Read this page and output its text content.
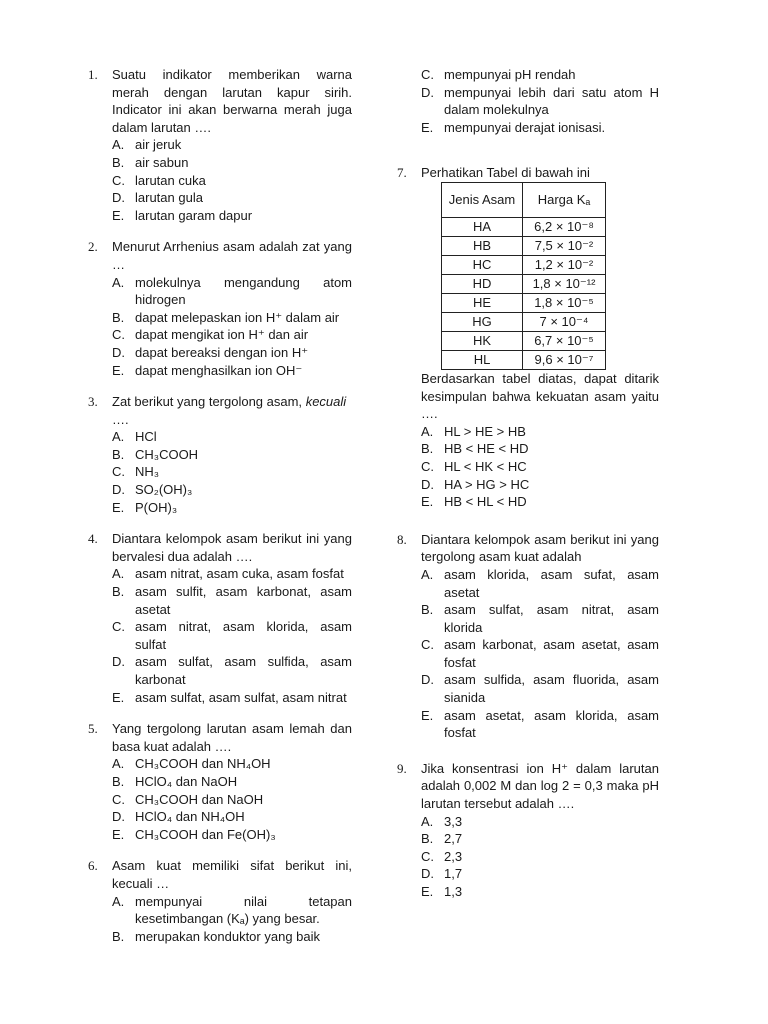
1. Suatu indikator memberikan warna merah dengan larutan kapur sirih. Indicator ini akan berwarna merah juga dalam larutan ….
A. air jeruk
B. air sabun
C. larutan cuka
D. larutan gula
E. larutan garam dapur
2. Menurut Arrhenius asam adalah zat yang …
A. molekulnya mengandung atom hidrogen
B. dapat melepaskan ion H⁺ dalam air
C. dapat mengikat ion H⁺ dan air
D. dapat bereaksi dengan ion H⁺
E. dapat menghasilkan ion OH⁻
3. Zat berikut yang tergolong asam, kecuali
….
A. HCl
B. CH₃COOH
C. NH₃
D. SO₂(OH)₃
E. P(OH)₃
4. Diantara kelompok asam berikut ini yang bervalesi dua adalah ….
A. asam nitrat, asam cuka, asam fosfat
B. asam sulfit, asam karbonat, asam asetat
C. asam nitrat, asam klorida, asam sulfat
D. asam sulfat, asam sulfida, asam karbonat
E. asam sulfat, asam sulfat, asam nitrat
5. Yang tergolong larutan asam lemah dan basa kuat adalah ….
A. CH₃COOH dan NH₄OH
B. HClO₄ dan NaOH
C. CH₃COOH dan NaOH
D. HClO₄ dan NH₄OH
E. CH₃COOH dan Fe(OH)₃
6. Asam kuat memiliki sifat berikut ini, kecuali …
A. mempunyai nilai tetapan kesetimbangan (Kₐ) yang besar.
B. merupakan konduktor yang baik
C. mempunyai pH rendah
D. mempunyai lebih dari satu atom H dalam molekulnya
E. mempunyai derajat ionisasi.
7. Perhatikan Tabel di bawah ini
Jenis Asam	Harga Kₐ
HA	6,2 × 10⁻⁸
HB	7,5 × 10⁻²
HC	1,2 × 10⁻²
HD	1,8 × 10⁻¹²
HE	1,8 × 10⁻⁵
HG	7 × 10⁻⁴
HK	6,7 × 10⁻⁵
HL	9,6 × 10⁻⁷
Berdasarkan tabel diatas, dapat ditarik kesimpulan bahwa kekuatan asam yaitu ….
A. HL > HE > HB
B. HB < HE < HD
C. HL < HK < HC
D. HA > HG > HC
E. HB < HL < HD
8. Diantara kelompok asam berikut ini yang tergolong asam kuat adalah
A. asam klorida, asam sufat, asam asetat
B. asam sulfat, asam nitrat, asam klorida
C. asam karbonat, asam asetat, asam fosfat
D. asam sulfida, asam fluorida, asam sianida
E. asam asetat, asam klorida, asam fosfat
9. Jika konsentrasi ion H⁺ dalam larutan adalah 0,002 M dan log 2 = 0,3 maka pH larutan tersebut adalah ….
A. 3,3
B. 2,7
C. 2,3
D. 1,7
E. 1,3
